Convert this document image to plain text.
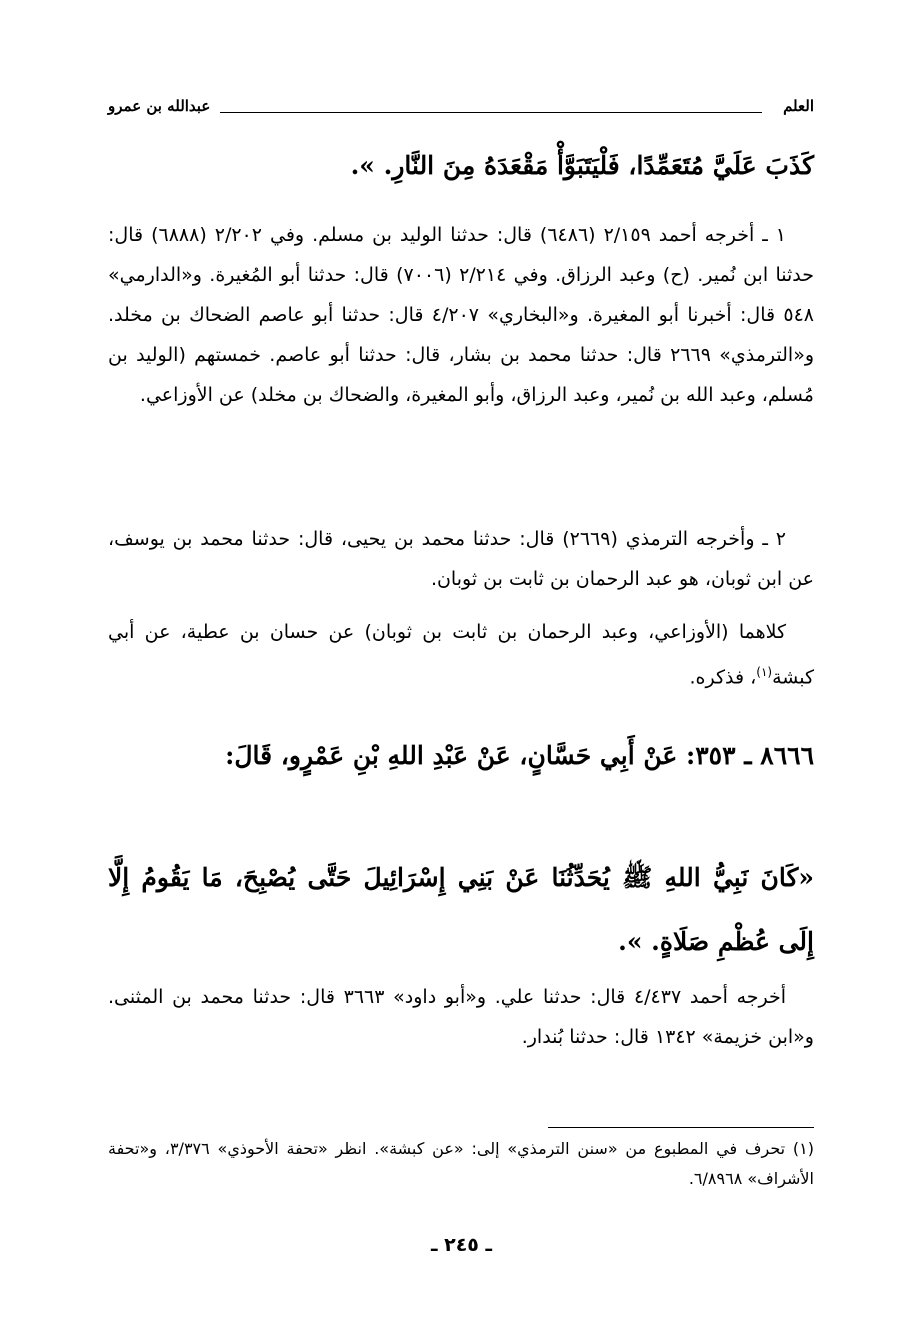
العلم
عبدالله بن عمرو
كَذَبَ عَلَيَّ مُتَعَمِّدًا، فَلْيَتَبَوَّأْ مَقْعَدَهُ مِنَ النَّارِ. ».
١ ـ أخرجه أحمد ٢/١٥٩ (٦٤٨٦) قال: حدثنا الوليد بن مسلم. وفي ٢/٢٠٢ (٦٨٨٨) قال: حدثنا ابن نُمير. (ح) وعبد الرزاق. وفي ٢/٢١٤ (٧٠٠٦) قال: حدثنا أبو المُغيرة. و«الدارمي» ٥٤٨ قال: أخبرنا أبو المغيرة. و«البخاري» ٤/٢٠٧ قال: حدثنا أبو عاصم الضحاك بن مخلد. و«الترمذي» ٢٦٦٩ قال: حدثنا محمد بن بشار، قال: حدثنا أبو عاصم. خمستهم (الوليد بن مُسلم، وعبد الله بن نُمير، وعبد الرزاق، وأبو المغيرة، والضحاك بن مخلد) عن الأوزاعي.
٢ ـ وأخرجه الترمذي (٢٦٦٩) قال: حدثنا محمد بن يحيى، قال: حدثنا محمد بن يوسف، عن ابن ثوبان، هو عبد الرحمان بن ثابت بن ثوبان.
كلاهما (الأوزاعي، وعبد الرحمان بن ثابت بن ثوبان) عن حسان بن عطية، عن أبي كبشة$^{(١)}$، فذكره.
٨٦٦٦ ـ ٣٥٣: عَنْ أَبِي حَسَّانٍ، عَنْ عَبْدِ اللهِ بْنِ عَمْرٍو، قَالَ:
«كَانَ نَبِيُّ اللهِ ﷺ يُحَدِّثُنَا عَنْ بَنِي إِسْرَائِيلَ حَتَّى يُصْبِحَ، مَا يَقُومُ إِلَّا إِلَى عُظْمِ صَلَاةٍ. ».
أخرجه أحمد ٤/٤٣٧ قال: حدثنا علي. و«أبو داود» ٣٦٦٣ قال: حدثنا محمد بن المثنى. و«ابن خزيمة» ١٣٤٢ قال: حدثنا بُندار.
(١) تحرف في المطبوع من «سنن الترمذي» إلى: «عن كبشة». انظر «تحفة الأحوذي» ٣/٣٧٦، و«تحفة الأشراف» ٦/٨٩٦٨.
ـ ٢٤٥ ـ
